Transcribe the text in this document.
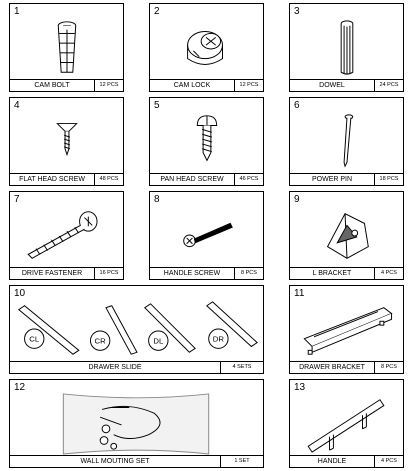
1
CAM BOLT	12 PCS
2
CAM LOCK	12 PCS
3
DOWEL	24 PCS
4
FLAT HEAD SCREW	48 PCS
5
PAN HEAD SCREW	46 PCS
6
POWER PIN	18 PCS
7
DRIVE FASTENER	16 PCS
8
HANDLE SCREW	8 PCS
9
L BRACKET	4 PCS
10
CL	CR	DL	DR
DRAWER SLIDE	4 SETS
11
DRAWER BRACKET	8 PCS
12
WALL MOUTING SET	1 SET
13
HANDLE	4 PCS
